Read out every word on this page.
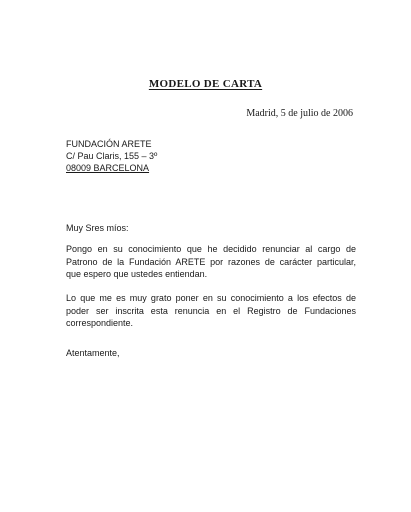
MODELO DE CARTA
Madrid, 5 de julio de 2006
FUNDACIÓN ARETE
C/ Pau Claris, 155 – 3º
08009 BARCELONA
Muy Sres míos:
Pongo en su conocimiento que he decidido renunciar al cargo de
Patrono de la Fundación ARETE por razones de carácter particular,
que espero que ustedes entiendan.
Lo que me es muy grato poner en su conocimiento a los efectos de
poder ser inscrita esta renuncia en el Registro de Fundaciones
correspondiente.
Atentamente,
